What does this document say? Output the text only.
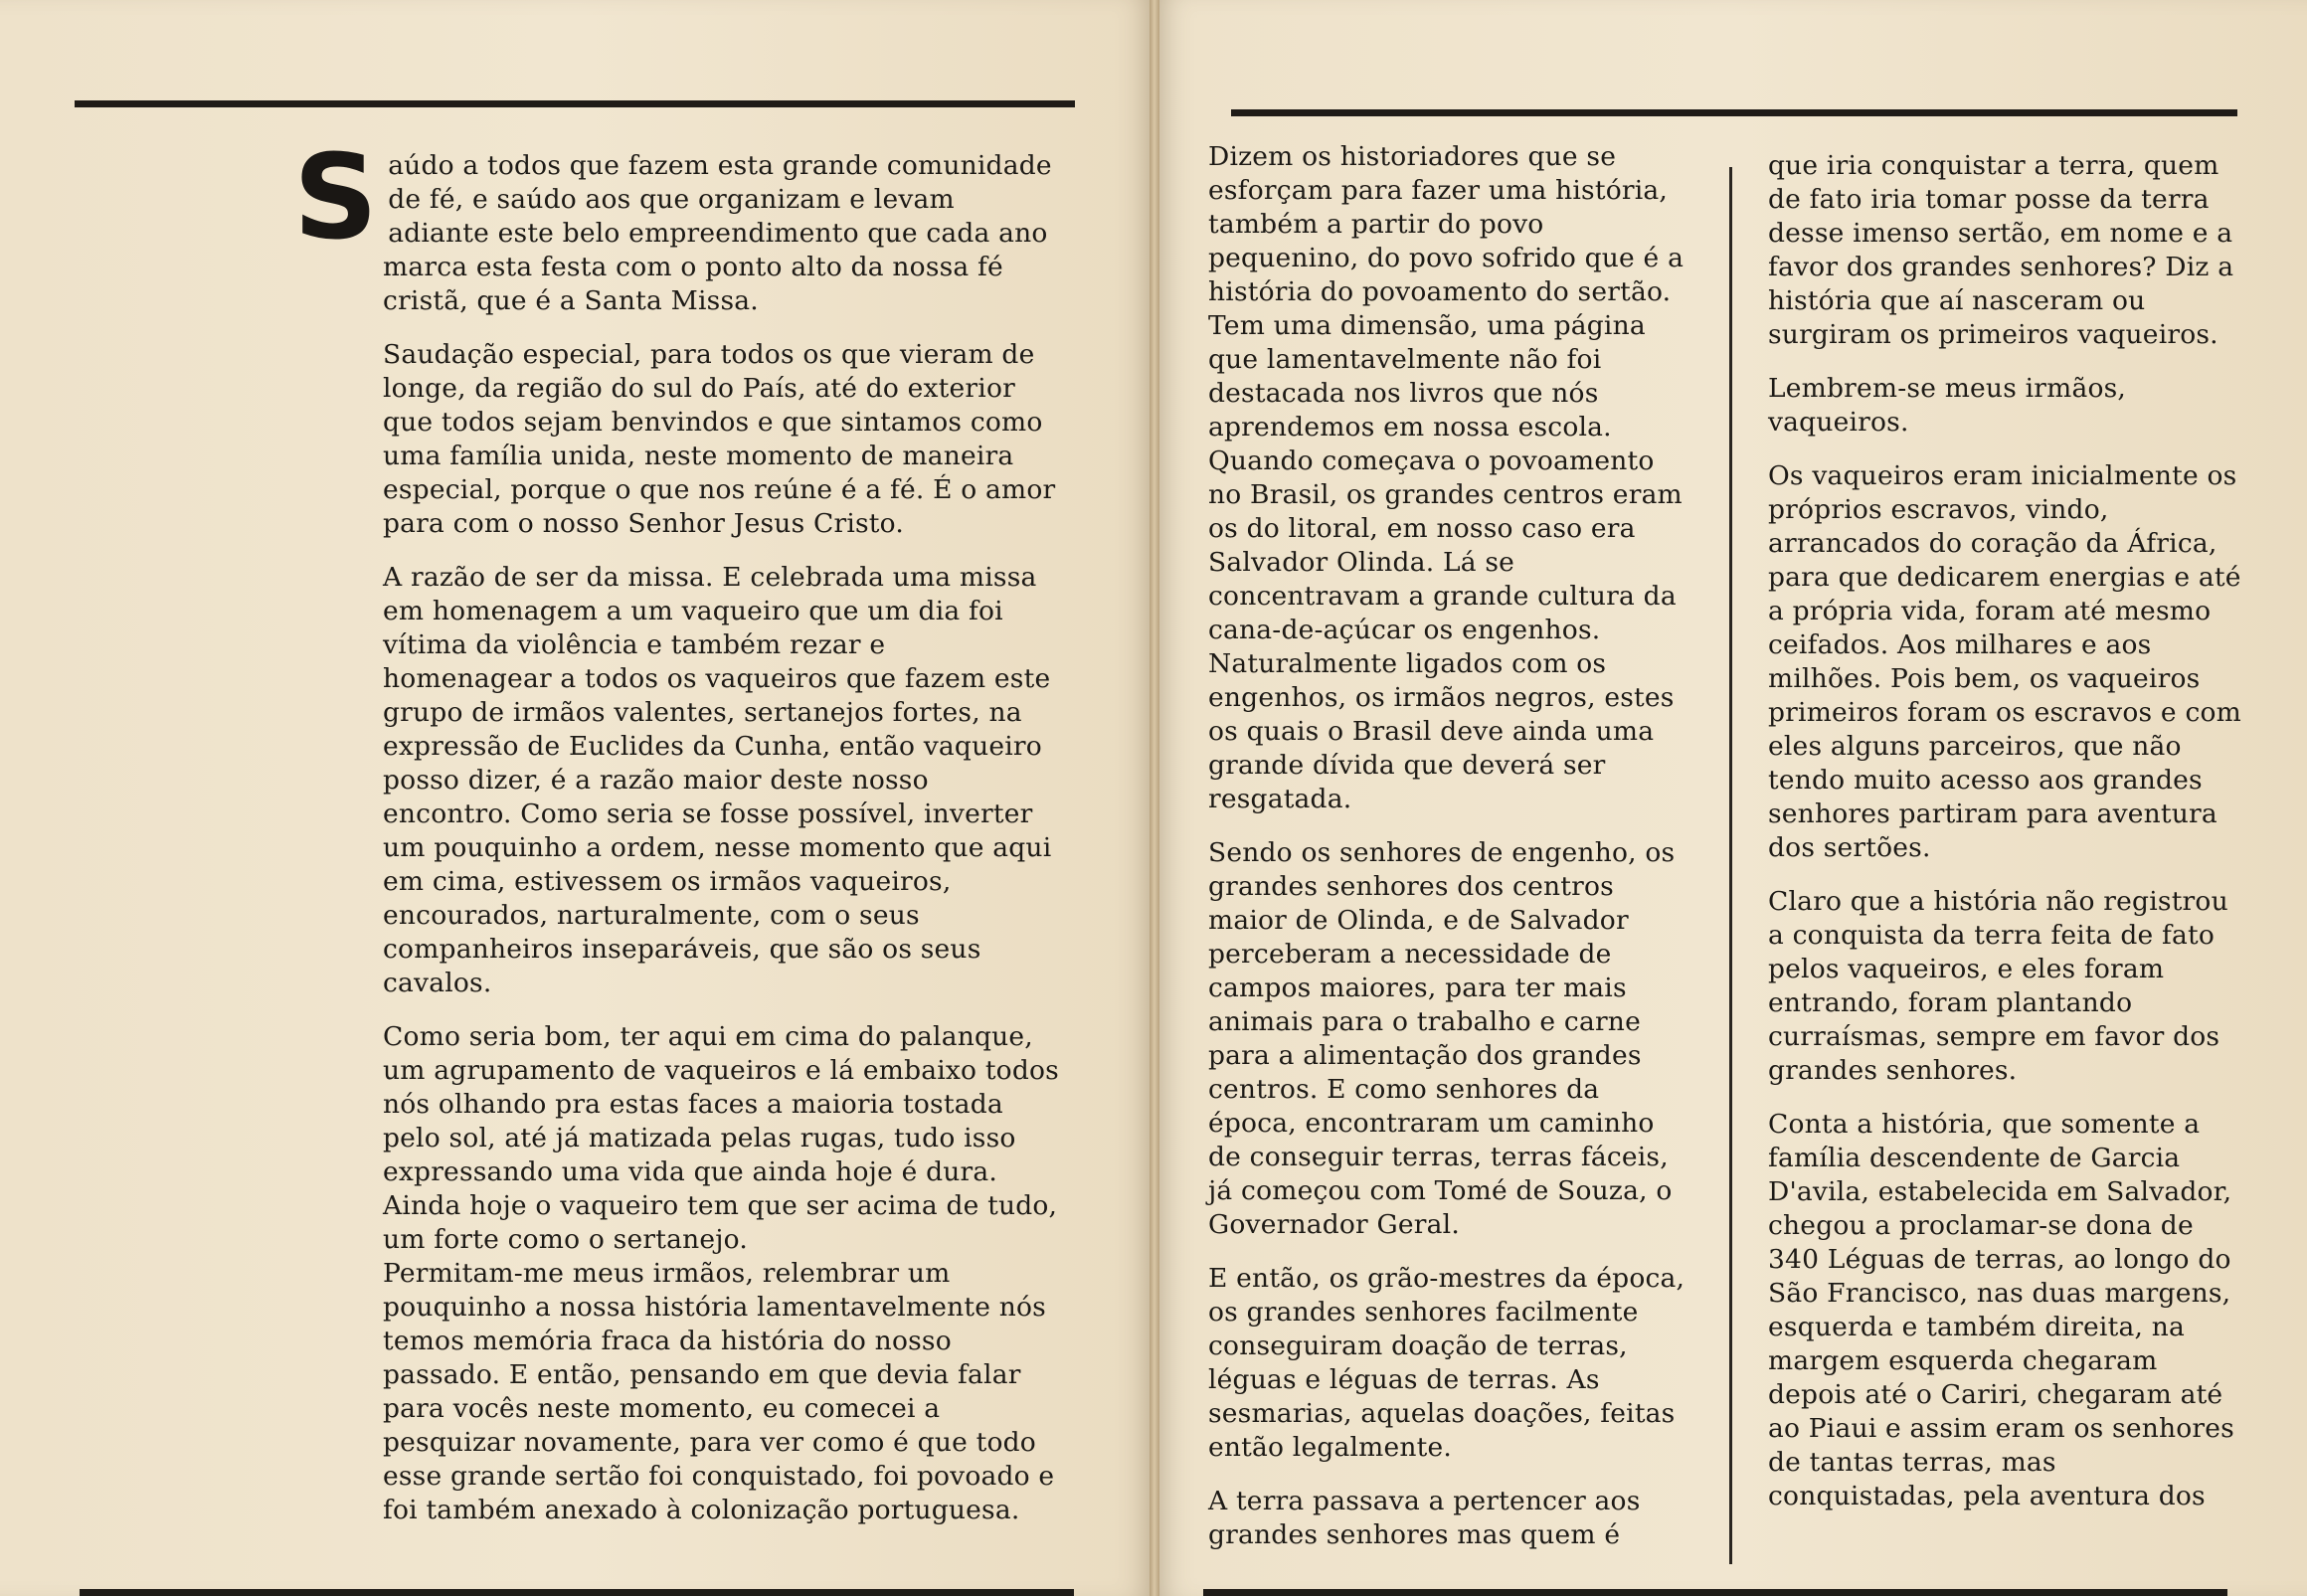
Saúdo a todos que fazem esta grande comunidade de fé, e saúdo aos que organizam e levam adiante este belo empreendimento que cada ano marca esta festa com o ponto alto da nossa fé cristã, que é a Santa Missa.

Saudação especial, para todos os que vieram de longe, da região do sul do País, até do exterior que todos sejam benvindos e que sintamos como uma família unida, neste momento de maneira especial, porque o que nos reúne é a fé. É o amor para com o nosso Senhor Jesus Cristo.

A razão de ser da missa. E celebrada uma missa em homenagem a um vaqueiro que um dia foi vítima da violência e também rezar e homenagear a todos os vaqueiros que fazem este grupo de irmãos valentes, sertanejos fortes, na expressão de Euclides da Cunha, então vaqueiro posso dizer, é a razão maior deste nosso encontro. Como seria se fosse possível, inverter um pouquinho a ordem, nesse momento que aqui em cima, estivessem os irmãos vaqueiros, encourados, narturalmente, com o seus companheiros inseparáveis, que são os seus cavalos.

Como seria bom, ter aqui em cima do palanque, um agrupamento de vaqueiros e lá embaixo todos nós olhando pra estas faces a maioria tostada pelo sol, até já matizada pelas rugas, tudo isso expressando uma vida que ainda hoje é dura. Ainda hoje o vaqueiro tem que ser acima de tudo, um forte como o sertanejo.

Permitam-me meus irmãos, relembrar um pouquinho a nossa história lamentavelmente nós temos memória fraca da história do nosso passado. E então, pensando em que devia falar para vocês neste momento, eu comecei a pesquizar novamente, para ver como é que todo esse grande sertão foi conquistado, foi povoado e foi também anexado à colonização portuguesa.

Dizem os historiadores que se esforçam para fazer uma história, também a partir do povo pequenino, do povo sofrido que é a história do povoamento do sertão. Tem uma dimensão, uma página que lamentavelmente não foi destacada nos livros que nós aprendemos em nossa escola. Quando começava o povoamento no Brasil, os grandes centros eram os do litoral, em nosso caso era Salvador Olinda. Lá se concentravam a grande cultura da cana-de-açúcar os engenhos. Naturalmente ligados com os engenhos, os irmãos negros, estes os quais o Brasil deve ainda uma grande dívida que deverá ser resgatada.

Sendo os senhores de engenho, os grandes senhores dos centros maior de Olinda, e de Salvador perceberam a necessidade de campos maiores, para ter mais animais para o trabalho e carne para a alimentação dos grandes centros. E como senhores da época, encontraram um caminho de conseguir terras, terras fáceis, já começou com Tomé de Souza, o Governador Geral.

E então, os grão-mestres da época, os grandes senhores facilmente conseguiram doação de terras, léguas e léguas de terras. As sesmarias, aquelas doações, feitas então legalmente.

A terra passava a pertencer aos grandes senhores mas quem é

que iria conquistar a terra, quem de fato iria tomar posse da terra desse imenso sertão, em nome e a favor dos grandes senhores? Diz a história que aí nasceram ou surgiram os primeiros vaqueiros.

Lembrem-se meus irmãos, vaqueiros.

Os vaqueiros eram inicialmente os próprios escravos, vindo, arrancados do coração da África, para que dedicarem energias e até a própria vida, foram até mesmo ceifados. Aos milhares e aos milhões. Pois bem, os vaqueiros primeiros foram os escravos e com eles alguns parceiros, que não tendo muito acesso aos grandes senhores partiram para aventura dos sertões.

Claro que a história não registrou a conquista da terra feita de fato pelos vaqueiros, e eles foram entrando, foram plantando curraísmas, sempre em favor dos grandes senhores.

Conta a história, que somente a família descendente de Garcia D'avila, estabelecida em Salvador, chegou a proclamar-se dona de 340 Léguas de terras, ao longo do São Francisco, nas duas margens, esquerda e também direita, na margem esquerda chegaram depois até o Cariri, chegaram até ao Piaui e assim eram os senhores de tantas terras, mas conquistadas, pela aventura dos
